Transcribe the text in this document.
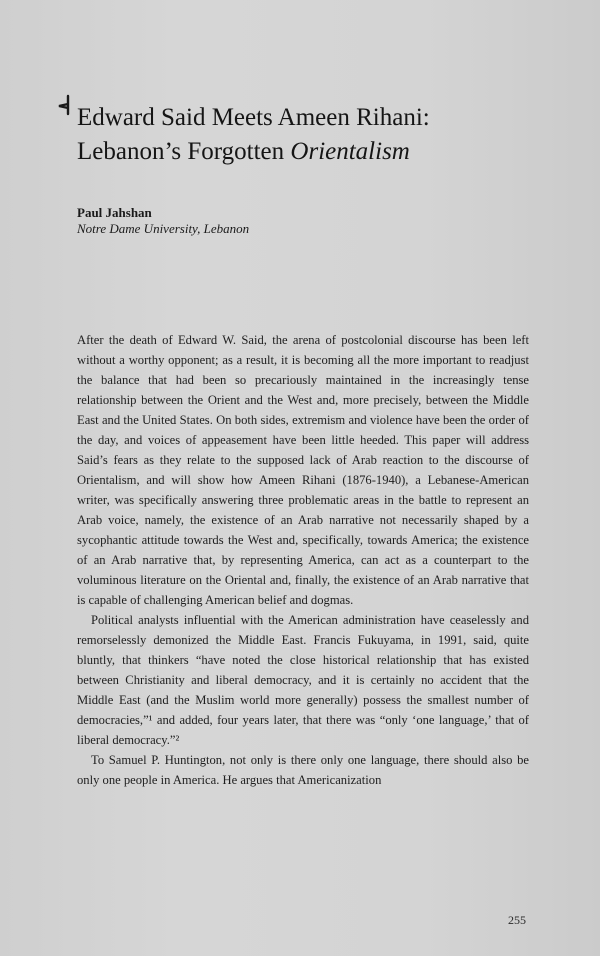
Edward Said Meets Ameen Rihani:
Lebanon’s Forgotten Orientalism
Paul Jahshan
Notre Dame University, Lebanon

After the death of Edward W. Said, the arena of postcolonial discourse has been left without a worthy opponent; as a result, it is becoming all the more important to readjust the balance that had been so precariously maintained in the increasingly tense relationship between the Orient and the West and, more precisely, between the Middle East and the United States. On both sides, extremism and violence have been the order of the day, and voices of appeasement have been little heeded. This paper will address Said’s fears as they relate to the supposed lack of Arab reaction to the discourse of Orientalism, and will show how Ameen Rihani (1876-1940), a Lebanese-American writer, was specifically answering three problematic areas in the battle to represent an Arab voice, namely, the existence of an Arab narrative not necessarily shaped by a sycophantic attitude towards the West and, specifically, towards America; the existence of an Arab narrative that, by representing America, can act as a counterpart to the voluminous literature on the Oriental and, finally, the existence of an Arab narrative that is capable of challenging American belief and dogmas.

Political analysts influential with the American administration have ceaselessly and remorselessly demonized the Middle East. Francis Fukuyama, in 1991, said, quite bluntly, that thinkers “have noted the close historical relationship that has existed between Christianity and liberal democracy, and it is certainly no accident that the Middle East (and the Muslim world more generally) possess the smallest number of democracies,”¹ and added, four years later, that there was “only ‘one language,’ that of liberal democracy.”²

To Samuel P. Huntington, not only is there only one language, there should also be only one people in America. He argues that Americanization

255
